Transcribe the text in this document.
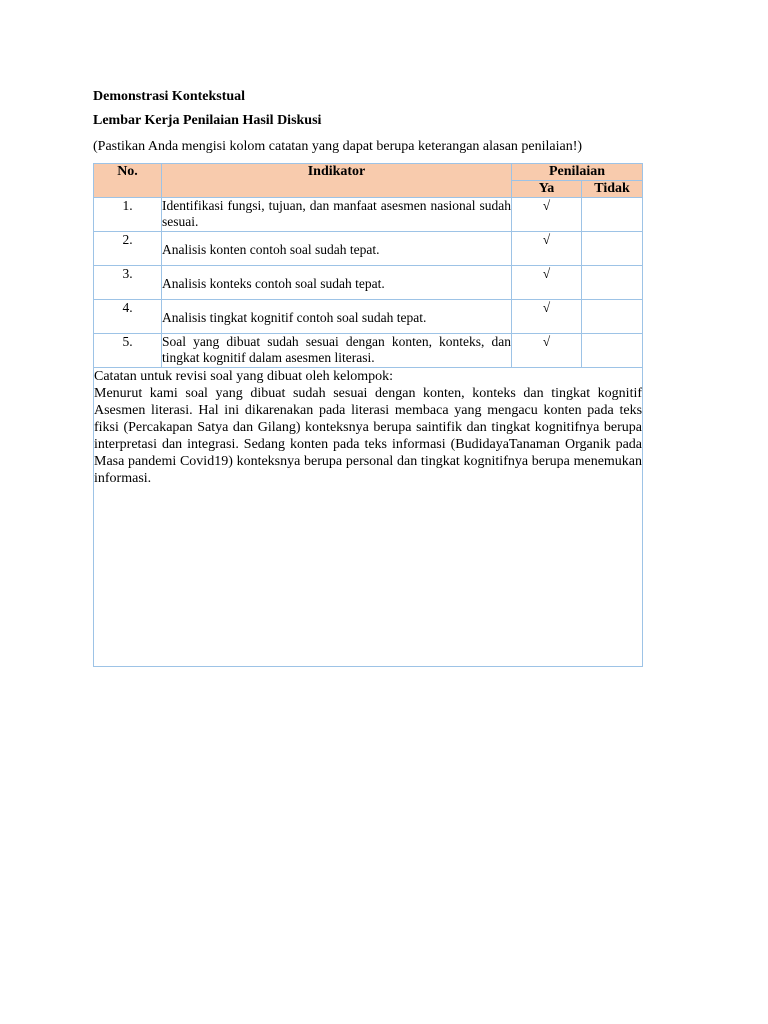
Demonstrasi Kontekstual

Lembar Kerja Penilaian Hasil Diskusi

(Pastikan Anda mengisi kolom catatan yang dapat berupa keterangan alasan penilaian!)
No.	Indikator	Penilaian	
		Ya	Tidak
1.	Identifikasi fungsi, tujuan, dan manfaat asesmen nasional sudah sesuai.	√	
2.	Analisis konten contoh soal sudah tepat.	√	
3.	Analisis konteks contoh soal sudah tepat.	√	
4.	Analisis tingkat kognitif contoh soal sudah tepat.	√	
5.	Soal yang dibuat sudah sesuai dengan konten, konteks, dan tingkat kognitif dalam asesmen literasi.	√	

Catatan untuk revisi soal yang dibuat oleh kelompok:
Menurut kami soal yang dibuat sudah sesuai dengan konten, konteks dan tingkat kognitif Asesmen literasi. Hal ini dikarenakan pada literasi membaca yang mengacu konten pada teks fiksi (Percakapan Satya dan Gilang) konteksnya berupa saintifik dan tingkat kognitifnya berupa interpretasi dan integrasi. Sedang konten pada teks informasi (BudidayaTanaman Organik pada Masa pandemi Covid19) konteksnya berupa personal dan tingkat kognitifnya berupa menemukan informasi.			
